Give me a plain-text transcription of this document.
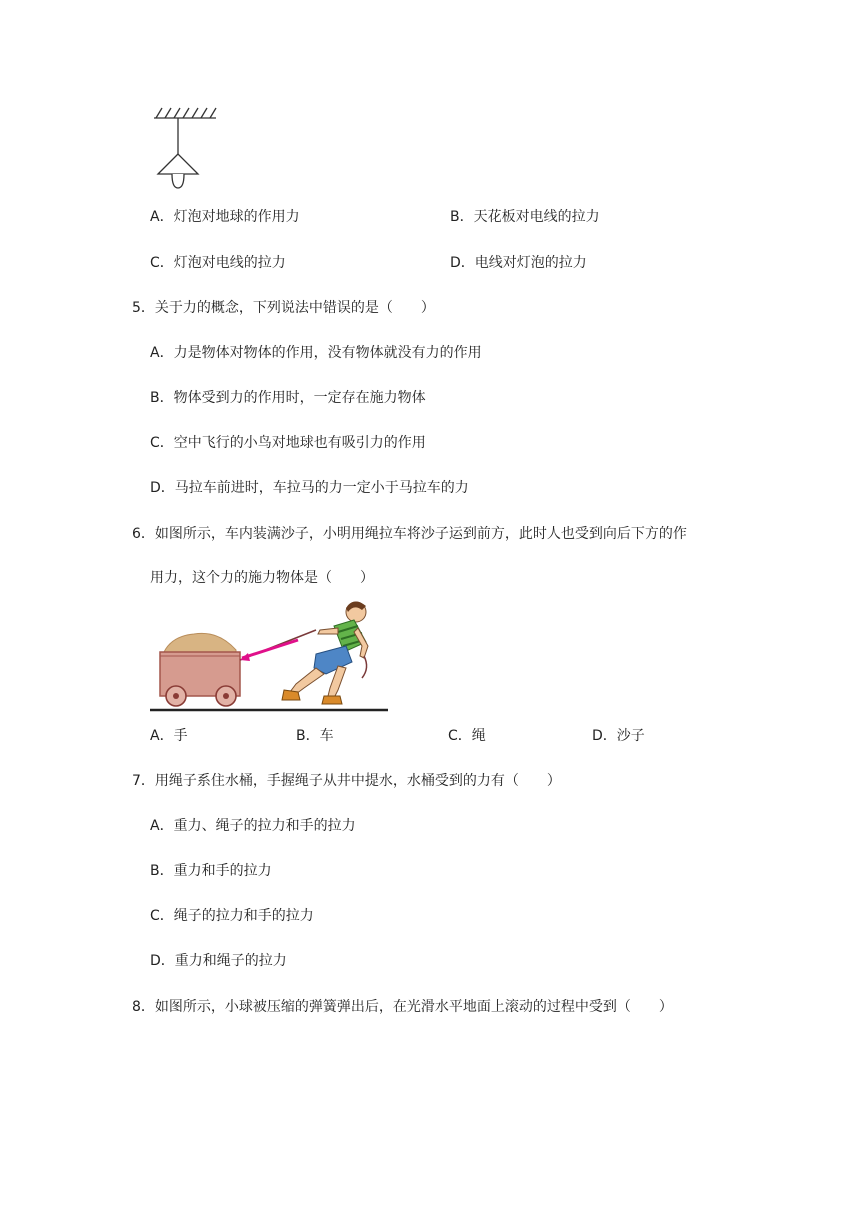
A．灯泡对地球的作用力	B．天花板对电线的拉力
C．灯泡对电线的拉力	D．电线对灯泡的拉力
5．关于力的概念，下列说法中错误的是（　　）
A．力是物体对物体的作用，没有物体就没有力的作用
B．物体受到力的作用时，一定存在施力物体
C．空中飞行的小鸟对地球也有吸引力的作用
D．马拉车前进时，车拉马的力一定小于马拉车的力
6．如图所示，车内装满沙子，小明用绳拉车将沙子运到前方，此时人也受到向后下方的作
用力，这个力的施力物体是（　　）
A．手	B．车	C．绳	D．沙子
7．用绳子系住水桶，手握绳子从井中提水，水桶受到的力有（　　）
A．重力、绳子的拉力和手的拉力
B．重力和手的拉力
C．绳子的拉力和手的拉力
D．重力和绳子的拉力
8．如图所示，小球被压缩的弹簧弹出后，在光滑水平地面上滚动的过程中受到（　　）
